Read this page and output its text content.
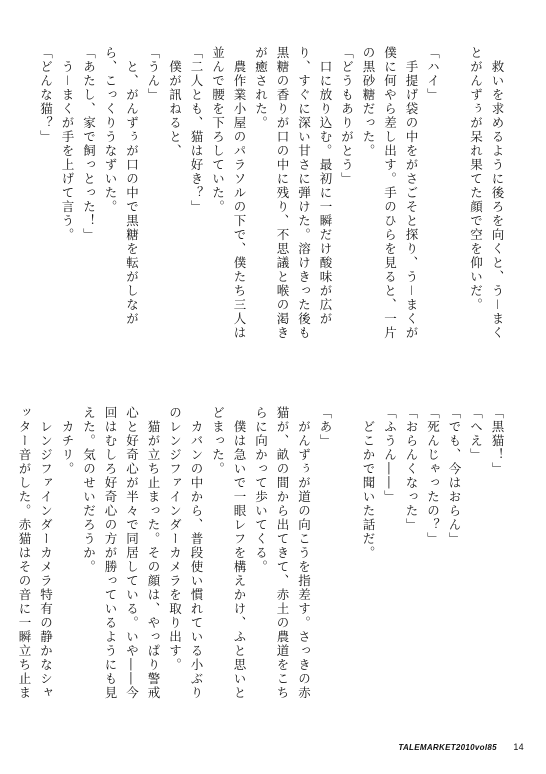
　救いを求めるように後ろを向くと、う－まく
とがんずぅが呆れ果てた顔で空を仰いだ。

「ハイ」
　手提げ袋の中をがさごそと探り、う－まくが
僕に何やら差し出す。手のひらを見ると、一片
の黒砂糖だった。
「どうもありがとう」
　口に放り込む。最初に一瞬だけ酸味が広が
り、すぐに深い甘さに弾けた。溶けきった後も
黒糖の香りが口の中に残り、不思議と喉の渇き
が癒された。
　農作業小屋のパラソルの下で、僕たち三人は
並んで腰を下ろしていた。
「二人とも、猫は好き？」
　僕が訊ねると、
「うん」
　と、がんずぅが口の中で黒糖を転がしなが
ら、こっくりうなずいた。
「あたし、家で飼っとった！」
　う－まくが手を上げて言う。
「どんな猫？」
「黒猫！」
「へえ」
「でも、今はおらん」
「死んじゃったの？」
「おらんくなった」
「ふうん――」
　どこかで聞いた話だ。

「あ」
　がんずぅが道の向こうを指差す。さっきの赤
猫が、畝の間から出てきて、赤土の農道をこち
らに向かって歩いてくる。
　僕は急いで一眼レフを構えかけ、ふと思いと
どまった。
　カバンの中から、普段使い慣れている小ぶり
のレンジファインダーカメラを取り出す。
　猫が立ち止まった。その顔は、やっぱり警戒
心と好奇心が半々で同居している。いや――今
回はむしろ好奇心の方が勝っているようにも見
えた。気のせいだろうか。
　カチリ。
　レンジファインダーカメラ特有の静かなシャ
ッター音がした。赤猫はその音に一瞬立ち止ま
TALEMARKET2010vol85 14
